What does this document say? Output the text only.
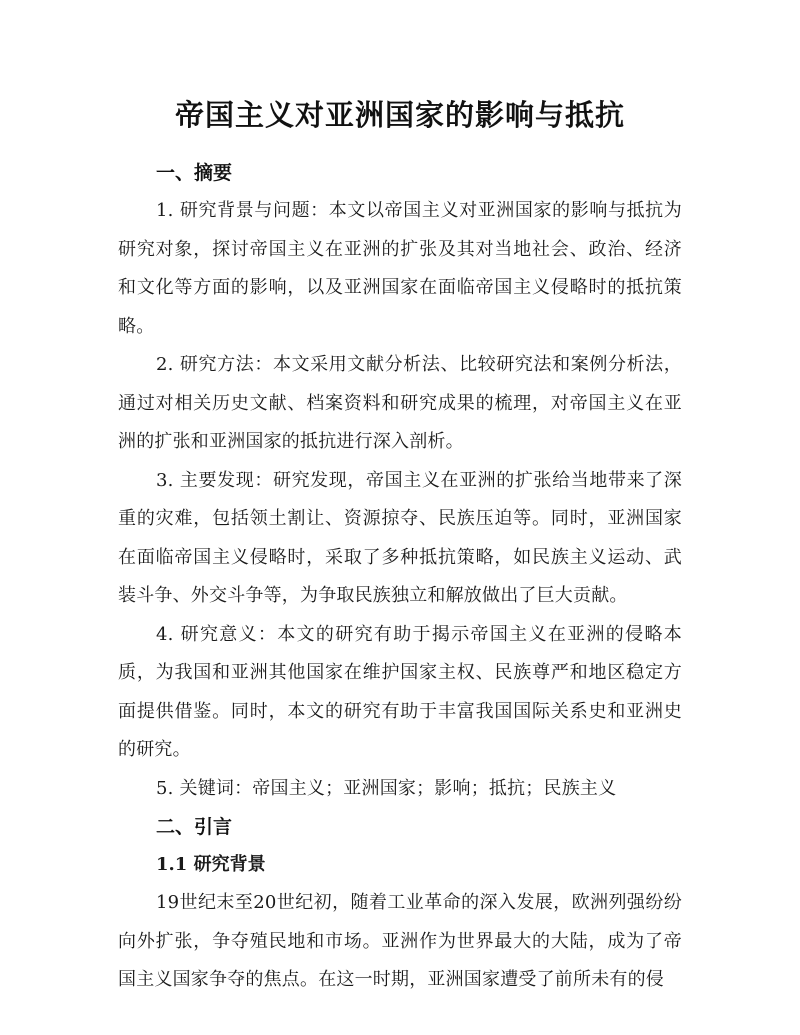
帝国主义对亚洲国家的影响与抵抗
一、摘要

1. 研究背景与问题：本文以帝国主义对亚洲国家的影响与抵抗为研究对象，探讨帝国主义在亚洲的扩张及其对当地社会、政治、经济和文化等方面的影响，以及亚洲国家在面临帝国主义侵略时的抵抗策略。

2. 研究方法：本文采用文献分析法、比较研究法和案例分析法，通过对相关历史文献、档案资料和研究成果的梳理，对帝国主义在亚洲的扩张和亚洲国家的抵抗进行深入剖析。

3. 主要发现：研究发现，帝国主义在亚洲的扩张给当地带来了深重的灾难，包括领土割让、资源掠夺、民族压迫等。同时，亚洲国家在面临帝国主义侵略时，采取了多种抵抗策略，如民族主义运动、武装斗争、外交斗争等，为争取民族独立和解放做出了巨大贡献。

4. 研究意义：本文的研究有助于揭示帝国主义在亚洲的侵略本质，为我国和亚洲其他国家在维护国家主权、民族尊严和地区稳定方面提供借鉴。同时，本文的研究有助于丰富我国国际关系史和亚洲史的研究。

5. 关键词：帝国主义；亚洲国家；影响；抵抗；民族主义

二、引言
1.1 研究背景

19世纪末至20世纪初，随着工业革命的深入发展，欧洲列强纷纷向外扩张，争夺殖民地和市场。亚洲作为世界最大的大陆，成为了帝国主义国家争夺的焦点。在这一时期，亚洲国家遭受了前所未有的侵
